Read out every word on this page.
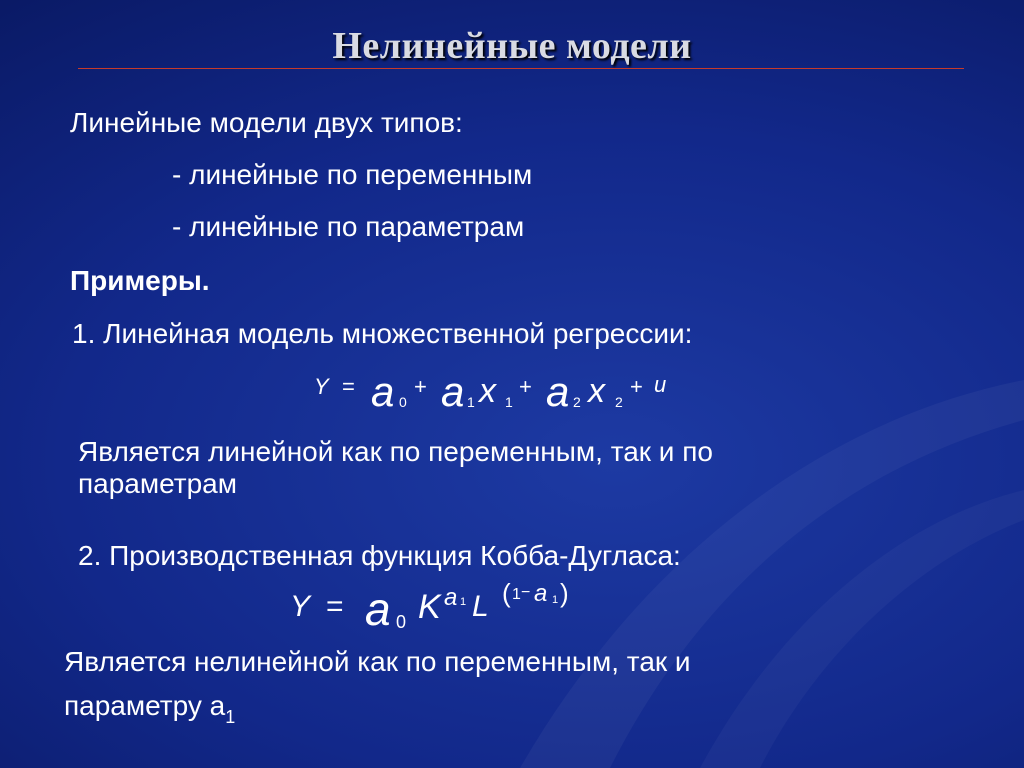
Нелинейные модели
Линейные модели двух типов:
- линейные по переменным
- линейные по параметрам
Примеры.
1. Линейная модель множественной регрессии:
Y = a 0
+ a 1 x 1
+ a 2 x 2
+ u
Является линейной как по переменным, так и по параметрам
2. Производственная функция Кобба-Дугласа:
Y = a 0 K a 1 L ( 1 − a 1 )
Является нелинейной как по переменным, так и
параметру $а_1$
